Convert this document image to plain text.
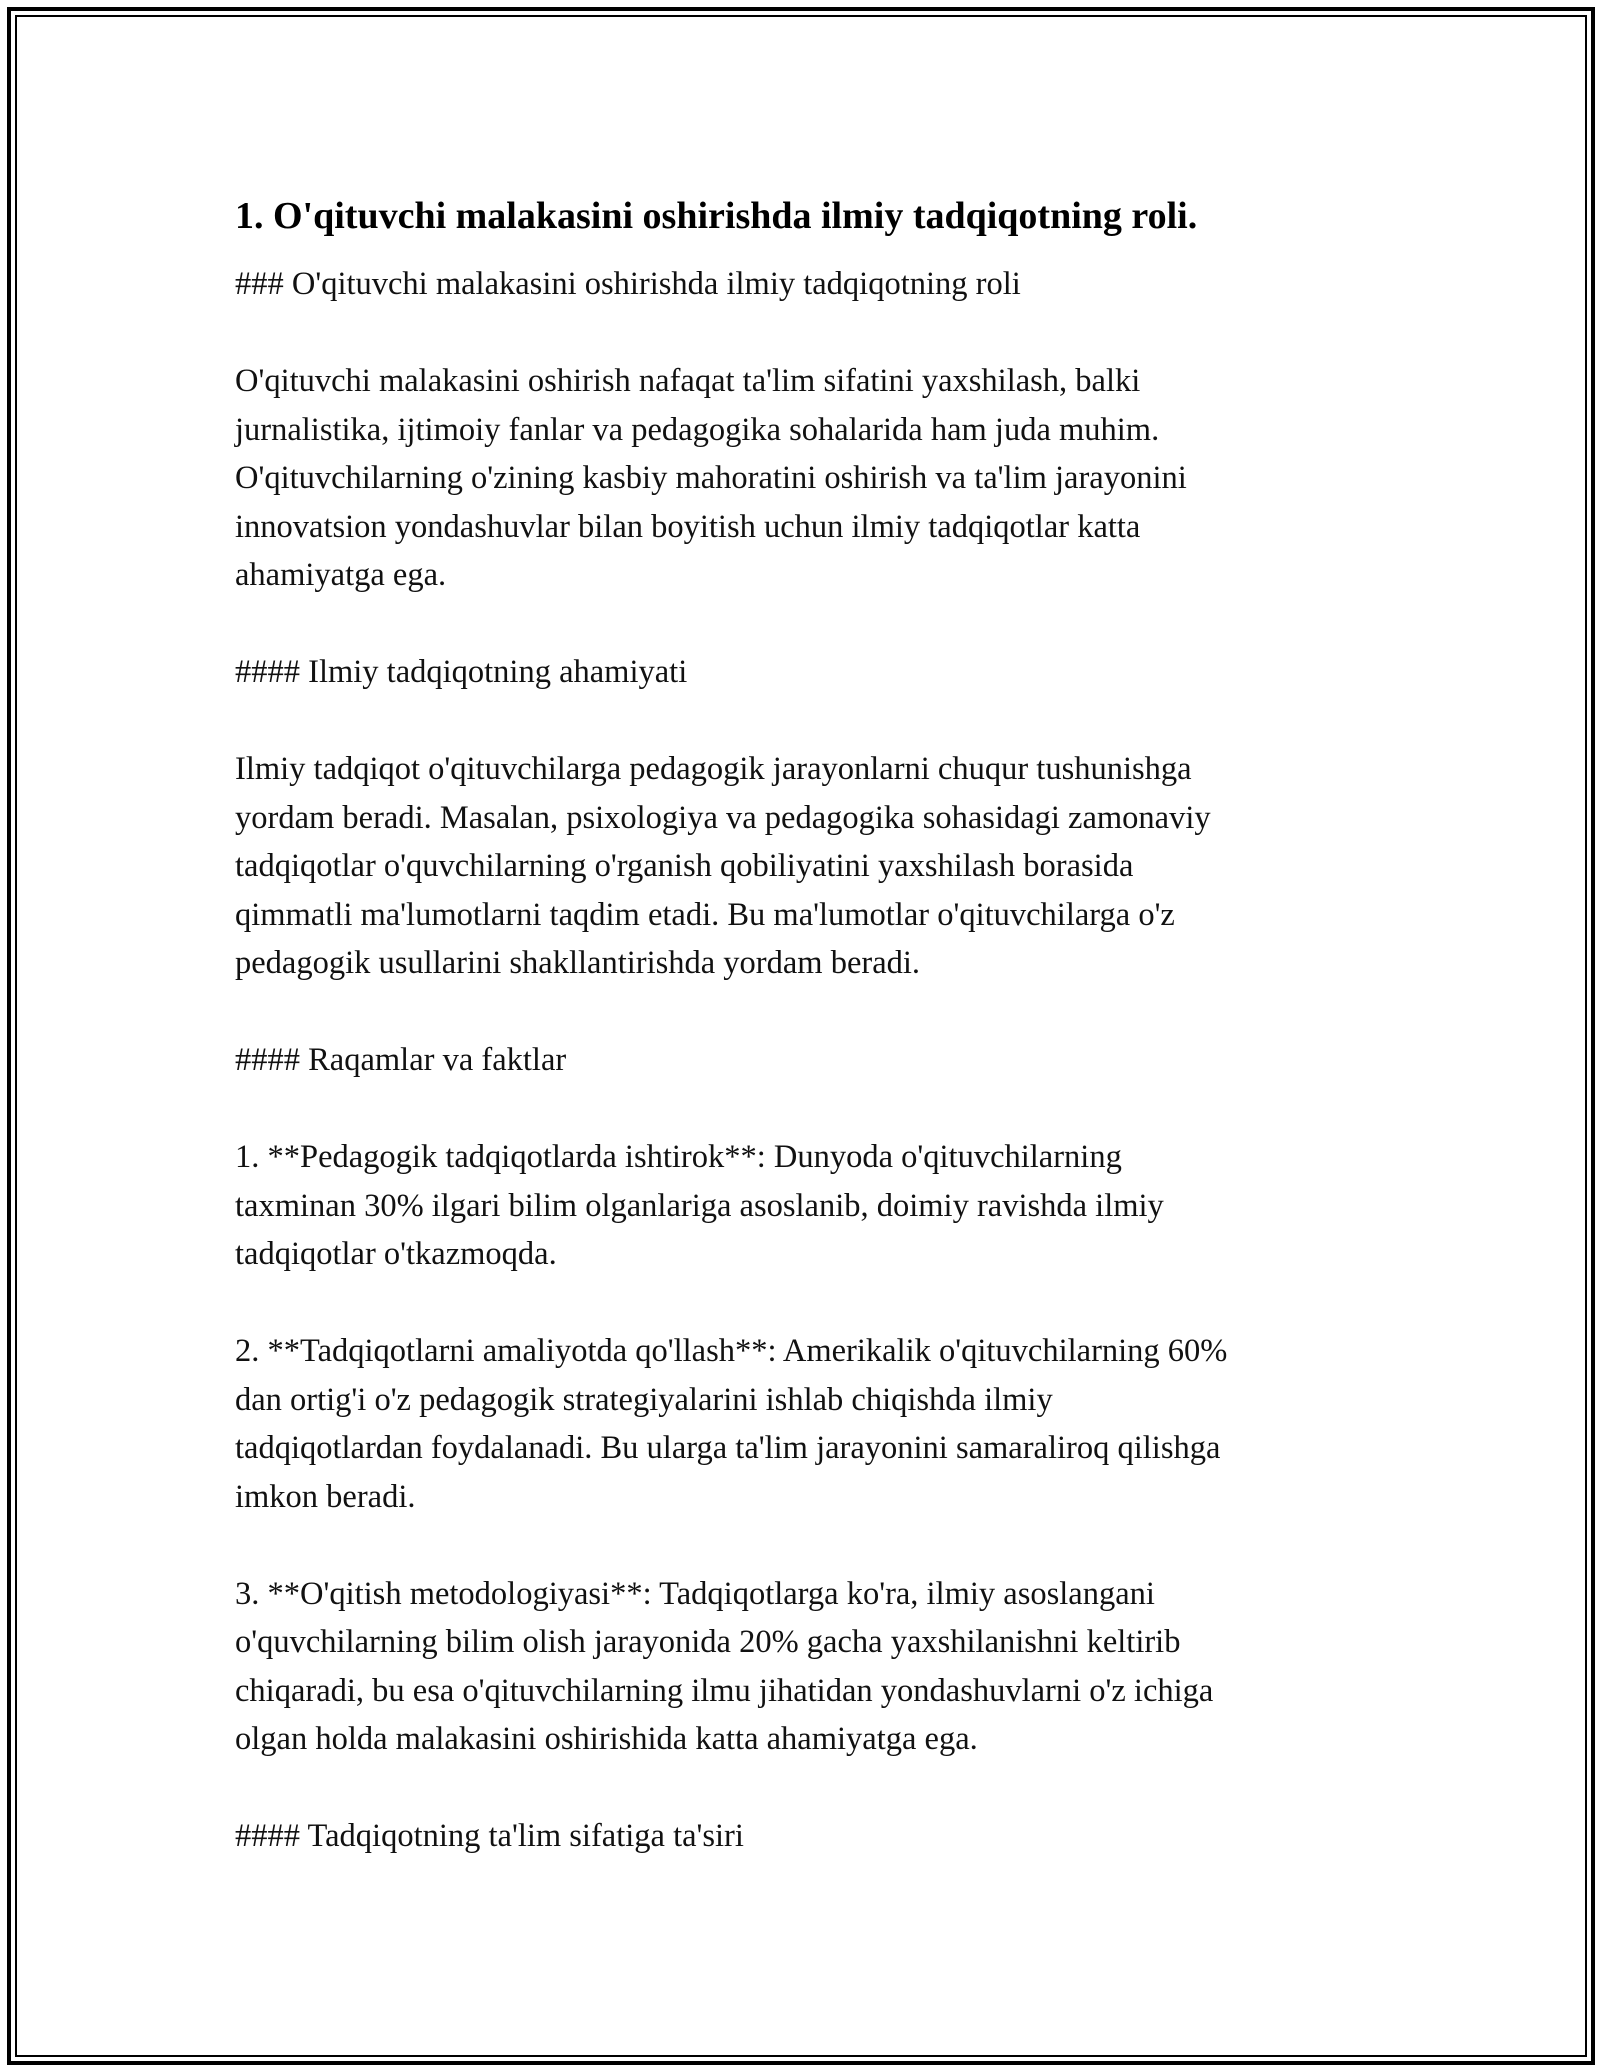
1. O'qituvchi malakasini oshirishda ilmiy tadqiqotning roli.

### O'qituvchi malakasini oshirishda ilmiy tadqiqotning roli

O'qituvchi malakasini oshirish nafaqat ta'lim sifatini yaxshilash, balki

jurnalistika, ijtimoiy fanlar va pedagogika sohalarida ham juda muhim.

O'qituvchilarning o'zining kasbiy mahoratini oshirish va ta'lim jarayonini

innovatsion yondashuvlar bilan boyitish uchun ilmiy tadqiqotlar katta

ahamiyatga ega.

#### Ilmiy tadqiqotning ahamiyati

Ilmiy tadqiqot o'qituvchilarga pedagogik jarayonlarni chuqur tushunishga

yordam beradi. Masalan, psixologiya va pedagogika sohasidagi zamonaviy

tadqiqotlar o'quvchilarning o'rganish qobiliyatini yaxshilash borasida

qimmatli ma'lumotlarni taqdim etadi. Bu ma'lumotlar o'qituvchilarga o'z

pedagogik usullarini shakllantirishda yordam beradi.

#### Raqamlar va faktlar

1. **Pedagogik tadqiqotlarda ishtirok**: Dunyoda o'qituvchilarning

taxminan 30% ilgari bilim olganlariga asoslanib, doimiy ravishda ilmiy

tadqiqotlar o'tkazmoqda.

2. **Tadqiqotlarni amaliyotda qo'llash**: Amerikalik o'qituvchilarning 60%

dan ortig'i o'z pedagogik strategiyalarini ishlab chiqishda ilmiy

tadqiqotlardan foydalanadi. Bu ularga ta'lim jarayonini samaraliroq qilishga

imkon beradi.

3. **O'qitish metodologiyasi**: Tadqiqotlarga ko'ra, ilmiy asoslangani

o'quvchilarning bilim olish jarayonida 20% gacha yaxshilanishni keltirib

chiqaradi, bu esa o'qituvchilarning ilmu jihatidan yondashuvlarni o'z ichiga

olgan holda malakasini oshirishida katta ahamiyatga ega.

#### Tadqiqotning ta'lim sifatiga ta'siri
